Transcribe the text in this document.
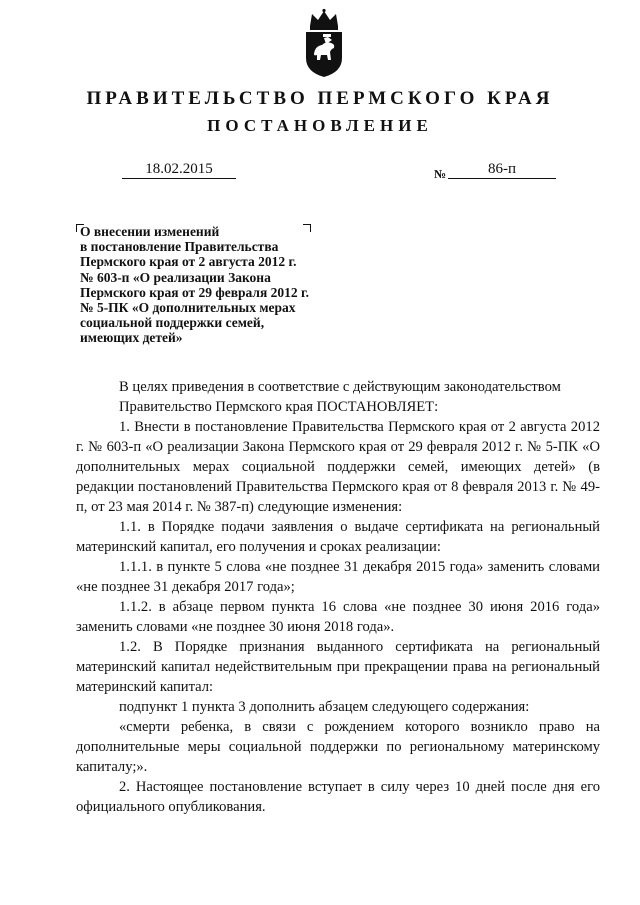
ПРАВИТЕЛЬСТВО ПЕРМСКОГО КРАЯ
ПОСТАНОВЛЕНИЕ
18.02.2015	№	86-п
О внесении изменений
в постановление Правительства
Пермского края от 2 августа 2012 г.
№ 603-п «О реализации Закона
Пермского края от 29 февраля 2012 г.
№ 5-ПК «О дополнительных мерах
социальной поддержки семей,
имеющих детей»

В целях приведения в соответствие с действующим законодательством

Правительство Пермского края ПОСТАНОВЛЯЕТ:

1. Внести в постановление Правительства Пермского края от 2 августа 2012 г. № 603-п «О реализации Закона Пермского края от 29 февраля 2012 г. № 5-ПК «О дополнительных мерах социальной поддержки семей, имеющих детей» (в редакции постановлений Правительства Пермского края от 8 февраля 2013 г. № 49-п, от 23 мая 2014 г. № 387-п) следующие изменения:

1.1. в Порядке подачи заявления о выдаче сертификата на региональный материнский капитал, его получения и сроках реализации:

1.1.1. в пункте 5 слова «не позднее 31 декабря 2015 года» заменить словами «не позднее 31 декабря 2017 года»;

1.1.2. в абзаце первом пункта 16 слова «не позднее 30 июня 2016 года» заменить словами «не позднее 30 июня 2018 года».

1.2. В Порядке признания выданного сертификата на региональный материнский капитал недействительным при прекращении права на региональный материнский капитал:

подпункт 1 пункта 3 дополнить абзацем следующего содержания:

«смерти ребенка, в связи с рождением которого возникло право на дополнительные меры социальной поддержки по региональному материнскому капиталу;».

2. Настоящее постановление вступает в силу через 10 дней после дня его официального опубликования.
